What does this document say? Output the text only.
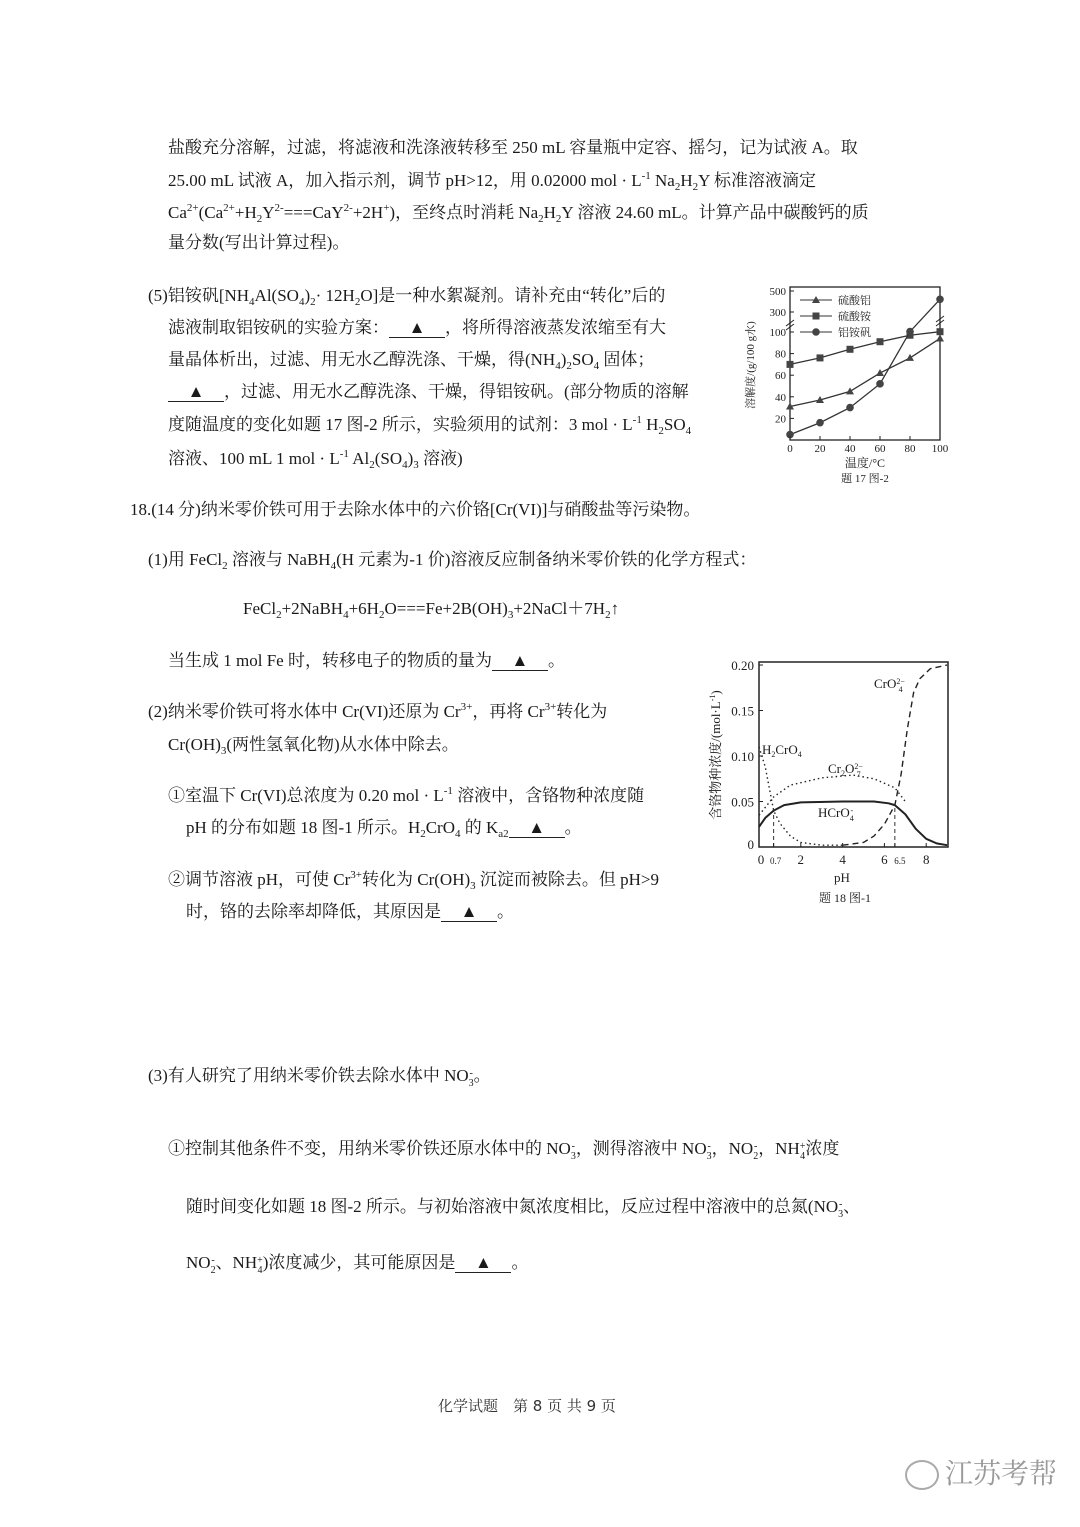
盐酸充分溶解，过滤，将滤液和洗涤液转移至 250 mL 容量瓶中定容、摇匀，记为试液 A。取
25.00 mL 试液 A，加入指示剂，调节 pH>12，用 0.02000 mol · $L^{-1}$ $Na_2H_2Y$ 标准溶液滴定
$Ca^{2+}(Ca^{2+}+H_2Y^{2-}===CaY^{2-}+2H^+)$，至终点时消耗 $Na_2H_2Y$ 溶液 24.60 mL。计算产品中碳酸钙的质
量分数(写出计算过程)。
(5)铝铵矾$[NH_4Al(SO_4)_2\cdot 12H_2O]$是一种水絮凝剂。请补充由“转化”后的
滤液制取铝铵矾的实验方案： ▲ ，将所得溶液蒸发浓缩至有大
量晶体析出，过滤、用无水乙醇洗涤、干燥，得$(NH_4)_2SO_4$ 固体；
▲ ，过滤、用无水乙醇洗涤、干燥，得铝铵矾。(部分物质的溶解
度随温度的变化如题 17 图-2 所示，实验须用的试剂：3 mol · $L^{-1}$ $H_2SO_4$
溶液、100 mL 1 mol · $L^{-1}$ $Al_2(SO_4)_3$ 溶液)
18.(14 分)纳米零价铁可用于去除水体中的六价铬[Cr(VI)]与硝酸盐等污染物。
(1)用 FeCl$_2$ 溶液与 NaBH$_4$(H 元素为-1 价)溶液反应制备纳米零价铁的化学方程式：
$FeCl_2+2NaBH_4+6H_2O===Fe+2B(OH)_3+2NaCl+7H_2↑$
当生成 1 mol Fe 时，转移电子的物质的量为 ▲ 。
(2)纳米零价铁可将水体中 Cr(VI)还原为 $Cr^{3+}$，再将 $Cr^{3+}$转化为
$Cr(OH)_3$(两性氢氧化物)从水体中除去。
①室温下 Cr(VI)总浓度为 0.20 mol · $L^{-1}$ 溶液中，含铬物种浓度随
pH 的分布如题 18 图-1 所示。$H_2CrO_4$ 的 $K_{a2}$ ▲ 。
②调节溶液 pH，可使 $Cr^{3+}$转化为 $Cr(OH)_3$ 沉淀而被除去。但 pH>9
时，铬的去除率却降低，其原因是 ▲ 。
(3)有人研究了用纳米零价铁去除水体中 NO -
3 。
①控制其他条件不变，用纳米零价铁还原水体中的 NO -
3 ，测得溶液中 NO -
3 ，NO -
2 ，NH +
4 浓度
随时间变化如题 18 图-2 所示。与初始溶液中氮浓度相比，反应过程中溶液中的总氮(NO -
3 、
NO -
2 、NH +
4 )浓度减少，其可能原因是 ▲ 。
硫酸铝
硫酸铵
铝铵矾
0 20 40 60 80 100
20
40
60
80
100
300
500
温度/°C
题 17 图-2
溶解度/(g/100 g水)
0 0.7 2	4	6 6.5 8
0
0.05
0.10
0.15
0.20
pH
题 18 图-1
含铬物种浓度$/(mol\cdot L^{-1})$
CrO 2−
4
$H_2CrO_4$
$Cr_2O$ 2−
7
HCrO -
4
化学试题　第 8 页 共 9 页
江苏考帮
